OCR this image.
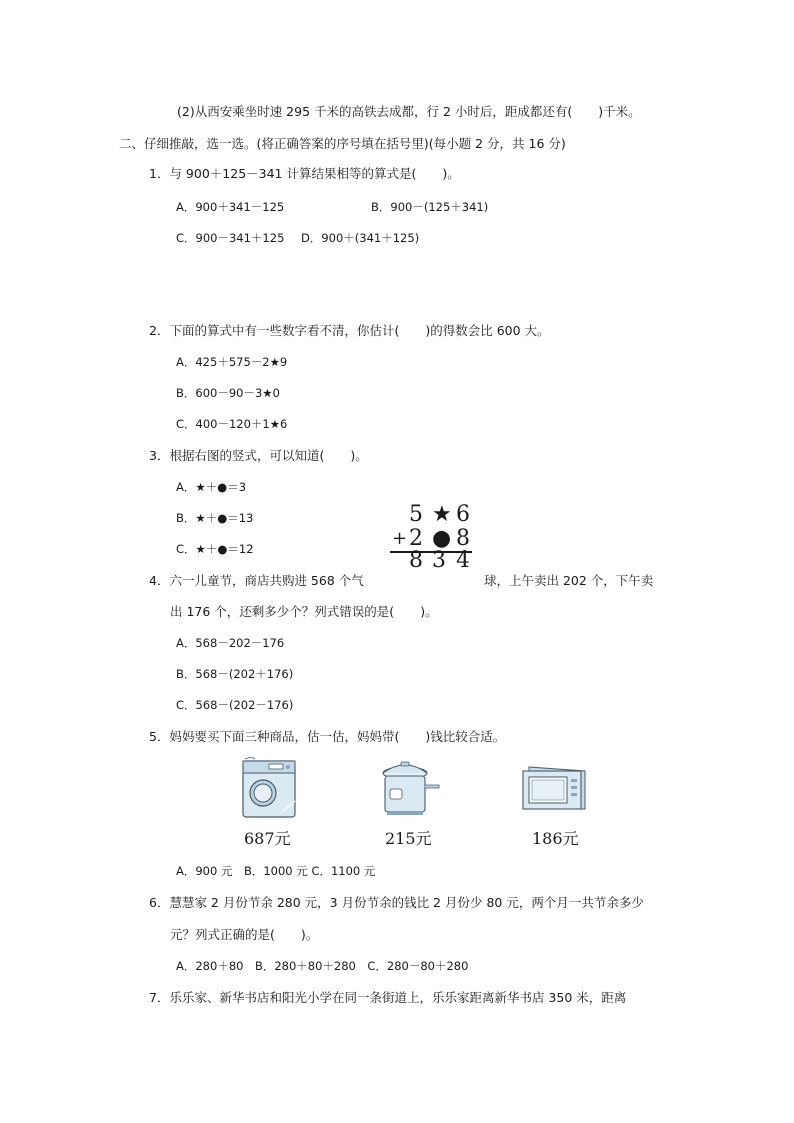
(2)从西安乘坐时速 295 千米的高铁去成都，行 2 小时后，距成都还有( )千米。
二、仔细推敲，选一选。(将正确答案的序号填在括号里)(每小题 2 分，共 16 分)
1．与 900＋125－341 计算结果相等的算式是( )。
A．900＋341－125	B．900－(125＋341)
C．900－341＋125 D．900＋(341＋125)
2．下面的算式中有一些数字看不清，你估计( )的得数会比 600 大。
A．425＋575－2★9
B．600－90－3★0
C．400－120＋1★6
3．根据右图的竖式，可以知道( )。
A．★＋●＝3
B．★＋●＝13
C．★＋●＝12
5 ★ 6
+ 2 ● 8
8 3 4
4．六一儿童节，商店共购进 568 个气	球，上午卖出 202 个，下午卖
出 176 个，还剩多少个？列式错误的是( )。
A．568－202－176
B．568－(202＋176)
C．568－(202－176)
5．妈妈要买下面三种商品，估一估，妈妈带( )钱比较合适。
687元	215元	186元
A．900 元　B．1000 元 C．1100 元
6．慧慧家 2 月份节余 280 元，3 月份节余的钱比 2 月份少 80 元，两个月一共节余多少
元？列式正确的是( )。
A．280＋80　B．280＋80＋280　C．280－80＋280
7．乐乐家、新华书店和阳光小学在同一条街道上，乐乐家距离新华书店 350 米，距离
